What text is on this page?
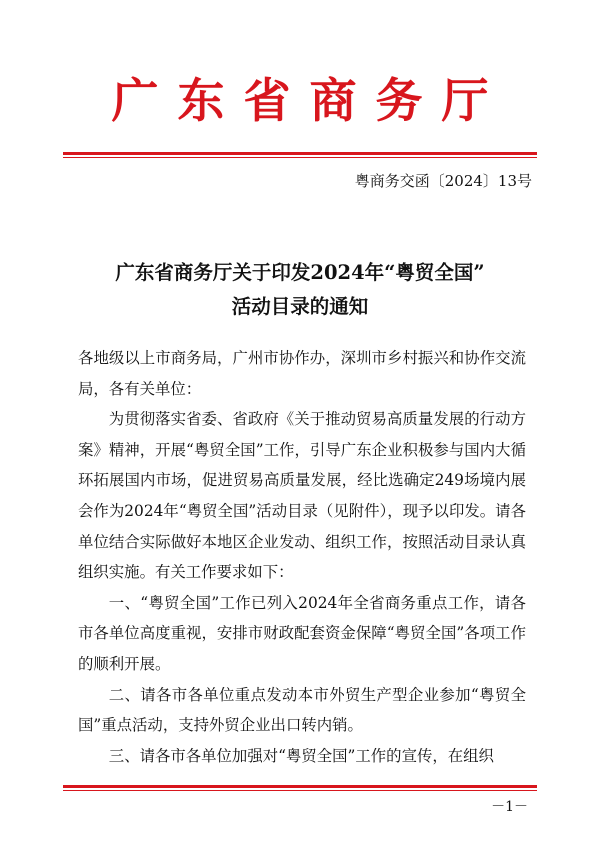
广东省商务厅
粤商务交函〔2024〕13号
广东省商务厅关于印发2024年“粤贸全国”
活动目录的通知

各地级以上市商务局，广州市协作办，深圳市乡村振兴和协作交流局，各有关单位：

为贯彻落实省委、省政府《关于推动贸易高质量发展的行动方案》精神，开展“粤贸全国”工作，引导广东企业积极参与国内大循环拓展国内市场，促进贸易高质量发展，经比选确定249场境内展会作为2024年“粤贸全国”活动目录（见附件），现予以印发。请各单位结合实际做好本地区企业发动、组织工作，按照活动目录认真组织实施。有关工作要求如下：

一、“粤贸全国”工作已列入2024年全省商务重点工作，请各市各单位高度重视，安排市财政配套资金保障“粤贸全国”各项工作的顺利开展。

二、请各市各单位重点发动本市外贸生产型企业参加“粤贸全国”重点活动，支持外贸企业出口转内销。

三、请各市各单位加强对“粤贸全国”工作的宣传，在组织

－1－
